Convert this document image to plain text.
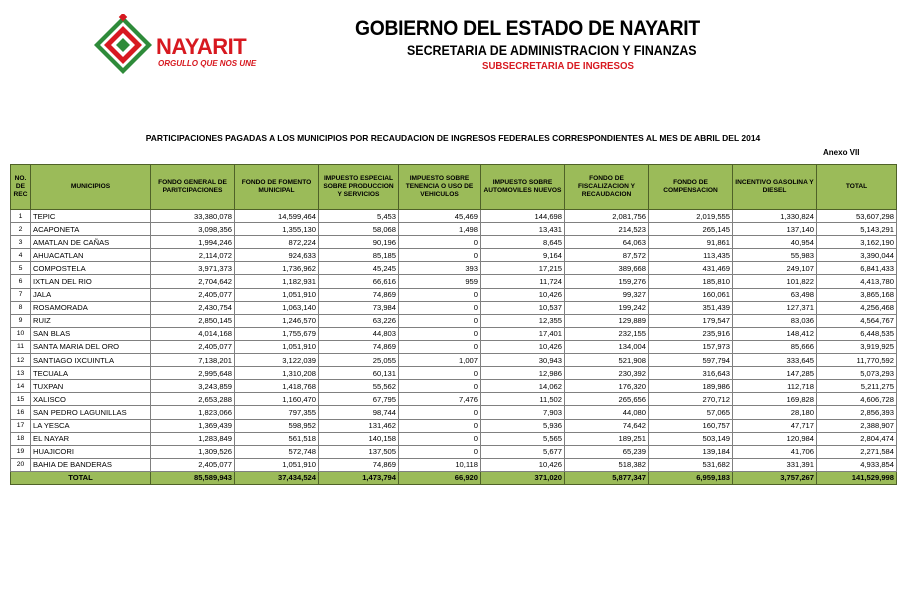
NAYARIT
ORGULLO QUE NOS UNE
GOBIERNO DEL ESTADO DE NAYARIT
SECRETARIA DE ADMINISTRACION Y FINANZAS
SUBSECRETARIA DE INGRESOS
PARTICIPACIONES PAGADAS A LOS MUNICIPIOS POR RECAUDACION DE INGRESOS FEDERALES CORRESPONDIENTES AL MES DE ABRIL DEL 2014
Anexo VII
NO. DE REC	MUNICIPIOS	FONDO GENERAL DE PARITCIPACIONES	FONDO DE FOMENTO MUNICIPAL	IMPUESTO ESPECIAL SOBRE PRODUCCION Y SERVICIOS	IMPUESTO SOBRE TENENCIA O USO DE VEHICULOS	IMPUESTO SOBRE AUTOMOVILES NUEVOS	FONDO DE FISCALIZACION Y RECAUDACION	FONDO DE COMPENSACION	INCENTIVO GASOLINA Y DIESEL	TOTAL
1	TEPIC	33,380,078	14,599,464	5,453	45,469	144,698	2,081,756	2,019,555	1,330,824	53,607,298
2	ACAPONETA	3,098,356	1,355,130	58,068	1,498	13,431	214,523	265,145	137,140	5,143,291
3	AMATLAN DE CAÑAS	1,994,246	872,224	90,196	0	8,645	64,063	91,861	40,954	3,162,190
4	AHUACATLAN	2,114,072	924,633	85,185	0	9,164	87,572	113,435	55,983	3,390,044
5	COMPOSTELA	3,971,373	1,736,962	45,245	393	17,215	389,668	431,469	249,107	6,841,433
6	IXTLAN DEL RIO	2,704,642	1,182,931	66,616	959	11,724	159,276	185,810	101,822	4,413,780
7	JALA	2,405,077	1,051,910	74,869	0	10,426	99,327	160,061	63,498	3,865,168
8	ROSAMORADA	2,430,754	1,063,140	73,984	0	10,537	199,242	351,439	127,371	4,256,468
9	RUIZ	2,850,145	1,246,570	63,226	0	12,355	129,889	179,547	83,036	4,564,767
10	SAN BLAS	4,014,168	1,755,679	44,803	0	17,401	232,155	235,916	148,412	6,448,535
11	SANTA MARIA DEL ORO	2,405,077	1,051,910	74,869	0	10,426	134,004	157,973	85,666	3,919,925
12	SANTIAGO IXCUINTLA	7,138,201	3,122,039	25,055	1,007	30,943	521,908	597,794	333,645	11,770,592
13	TECUALA	2,995,648	1,310,208	60,131	0	12,986	230,392	316,643	147,285	5,073,293
14	TUXPAN	3,243,859	1,418,768	55,562	0	14,062	176,320	189,986	112,718	5,211,275
15	XALISCO	2,653,288	1,160,470	67,795	7,476	11,502	265,656	270,712	169,828	4,606,728
16	SAN PEDRO LAGUNILLAS	1,823,066	797,355	98,744	0	7,903	44,080	57,065	28,180	2,856,393
17	LA YESCA	1,369,439	598,952	131,462	0	5,936	74,642	160,757	47,717	2,388,907
18	EL NAYAR	1,283,849	561,518	140,158	0	5,565	189,251	503,149	120,984	2,804,474
19	HUAJICORI	1,309,526	572,748	137,505	0	5,677	65,239	139,184	41,706	2,271,584
20	BAHIA DE BANDERAS	2,405,077	1,051,910	74,869	10,118	10,426	518,382	531,682	331,391	4,933,854
TOTAL		85,589,943	37,434,524	1,473,794	66,920	371,020	5,877,347	6,959,183	3,757,267	141,529,998
